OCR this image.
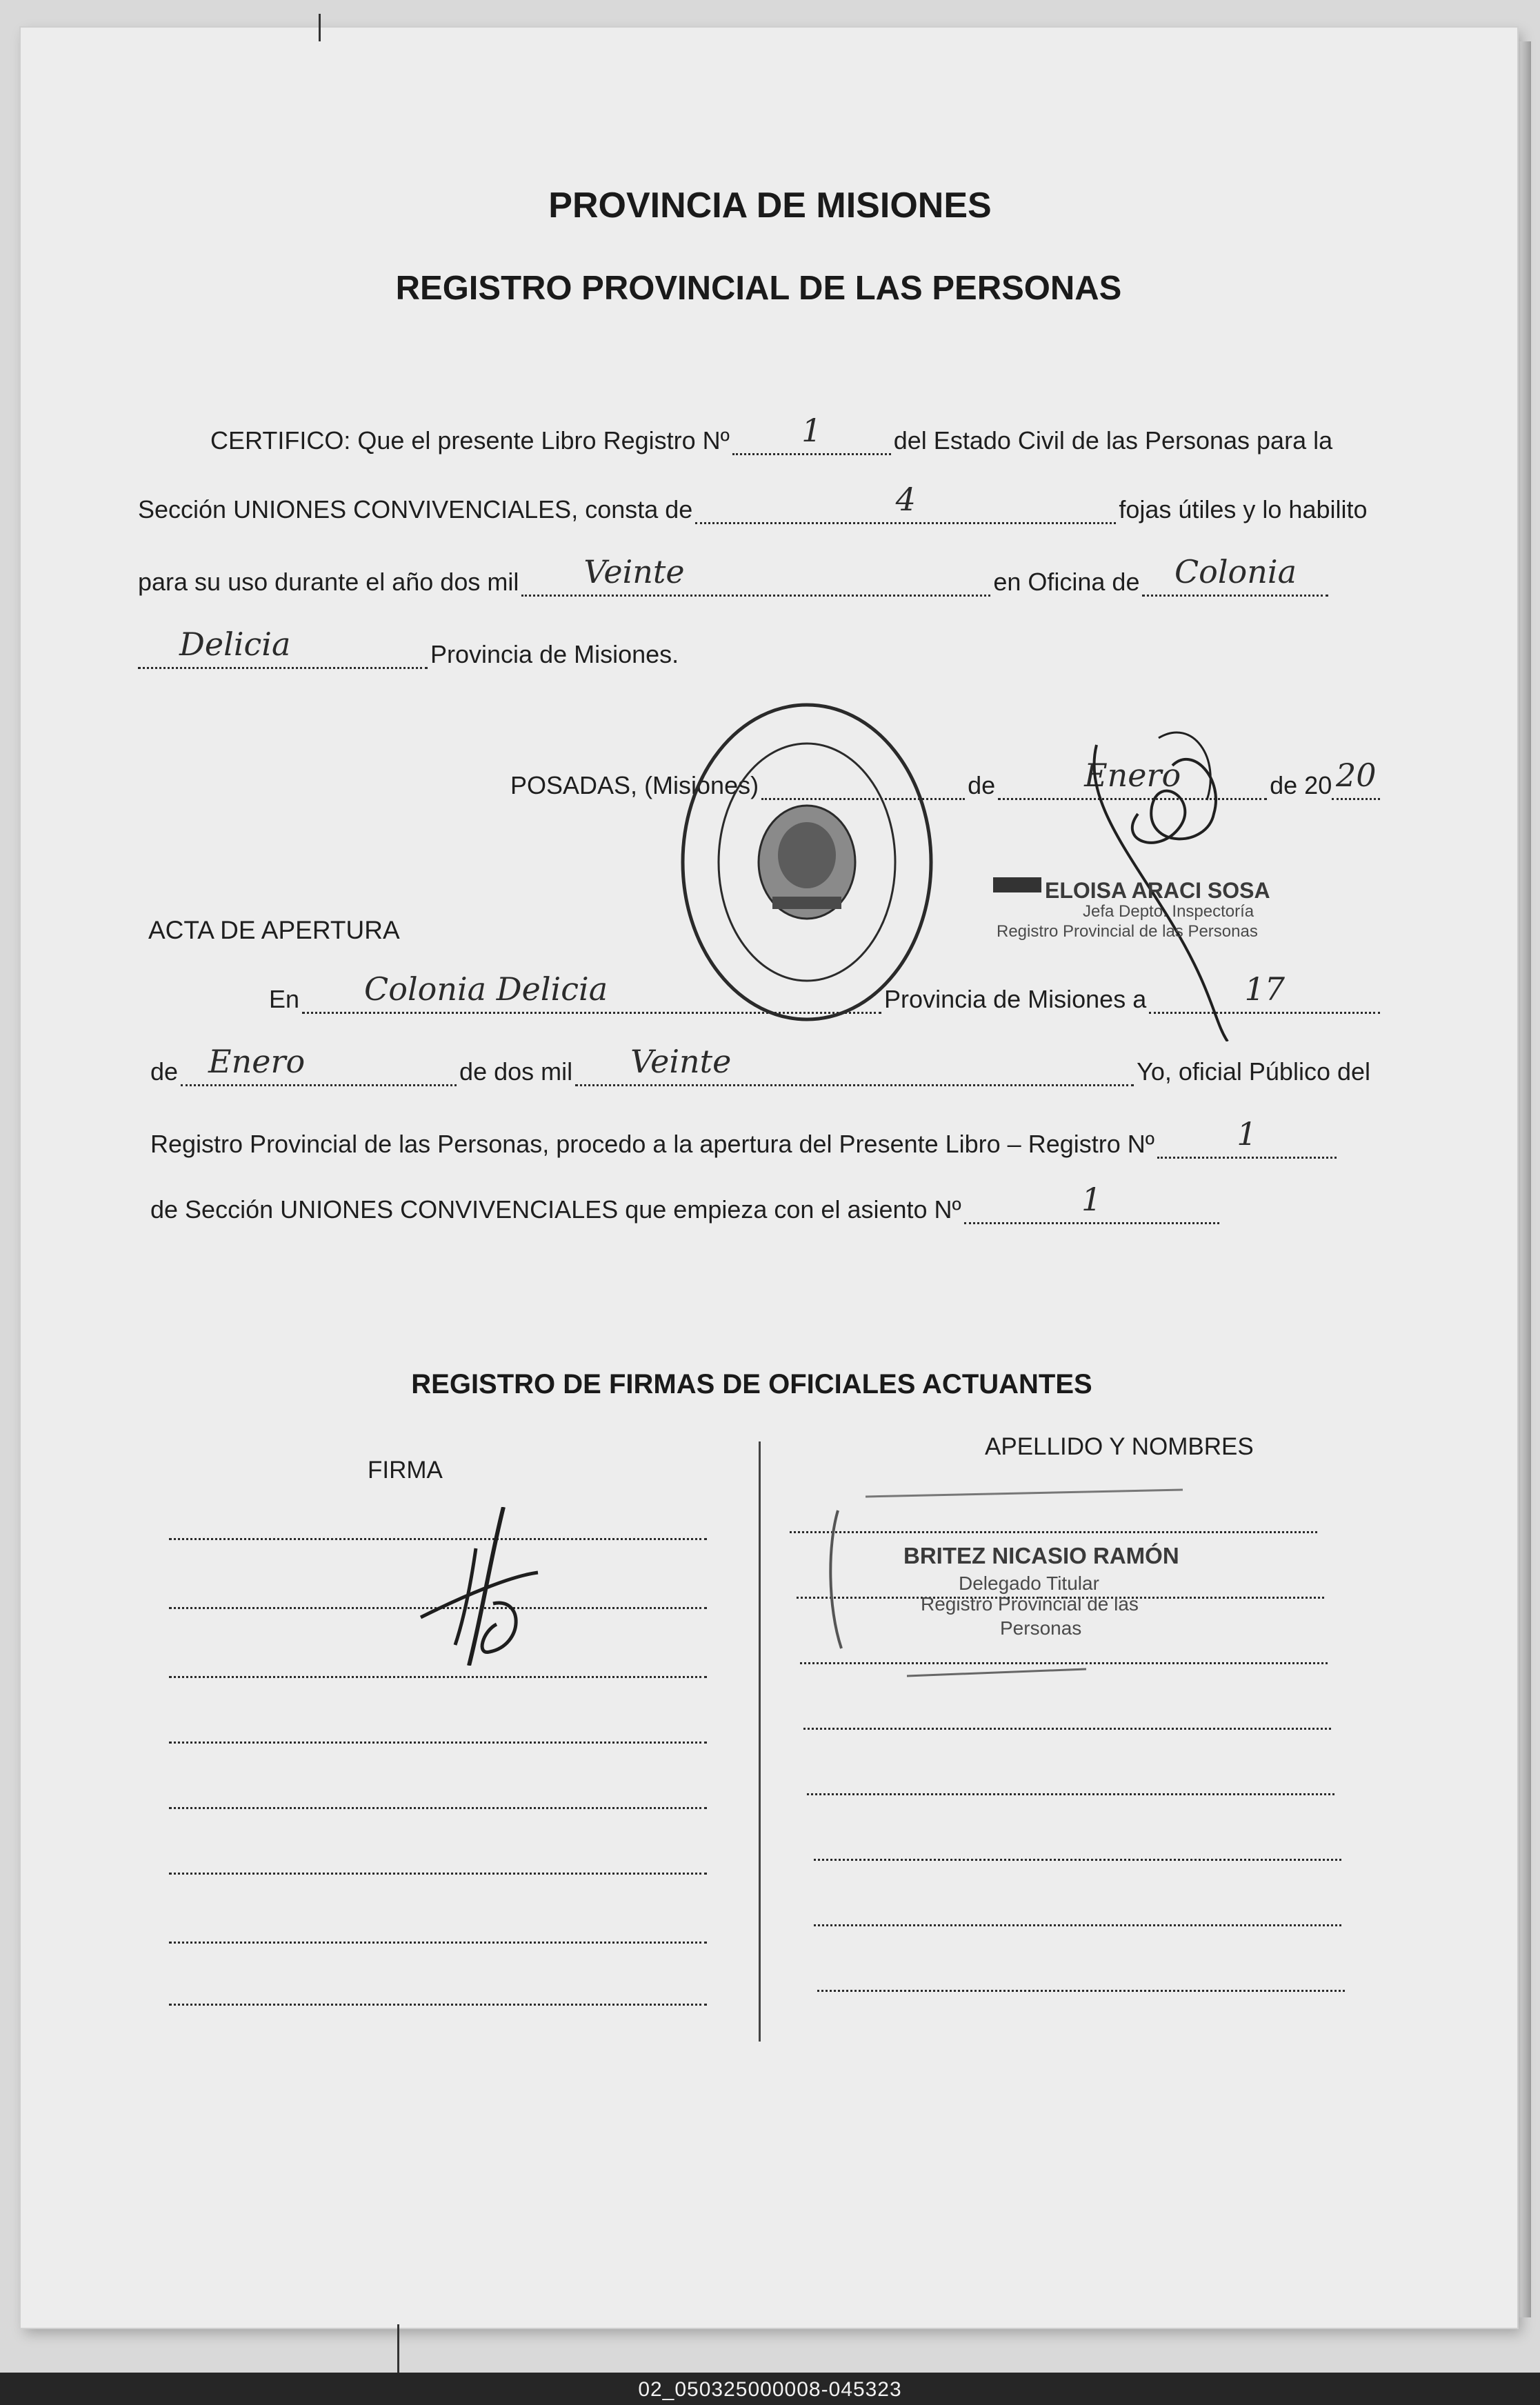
PROVINCIA DE MISIONES
REGISTRO PROVINCIAL DE LAS PERSONAS
CERTIFICO: Que el presente Libro Registro Nº	1	del Estado Civil de las Personas para la
Sección UNIONES CONVIVENCIALES, consta de	4	fojas útiles y lo habilito
para su uso durante el año dos mil	Veinte	en Oficina de	Colonia
Delicia	Provincia de Misiones.
POSADAS, (Misiones)	de	Enero	de 20 20
ELOISA ARACI SOSA
Jefa Depto. Inspectoría
Registro Provincial de las Personas
ACTA DE APERTURA
En	Colonia Delicia	Provincia de Misiones a	17
de Enero	de dos mil	Veinte	Yo, oficial Público del
Registro Provincial de las Personas, procedo a la apertura del Presente Libro – Registro Nº	1
de Sección UNIONES CONVIVENCIALES que empieza con el asiento Nº	1
REGISTRO DE FIRMAS DE OFICIALES ACTUANTES
FIRMA
APELLIDO Y NOMBRES
BRITEZ NICASIO RAMÓN
Delegado Titular
Registro Provincial de las
Personas
02_050325000008-045323
